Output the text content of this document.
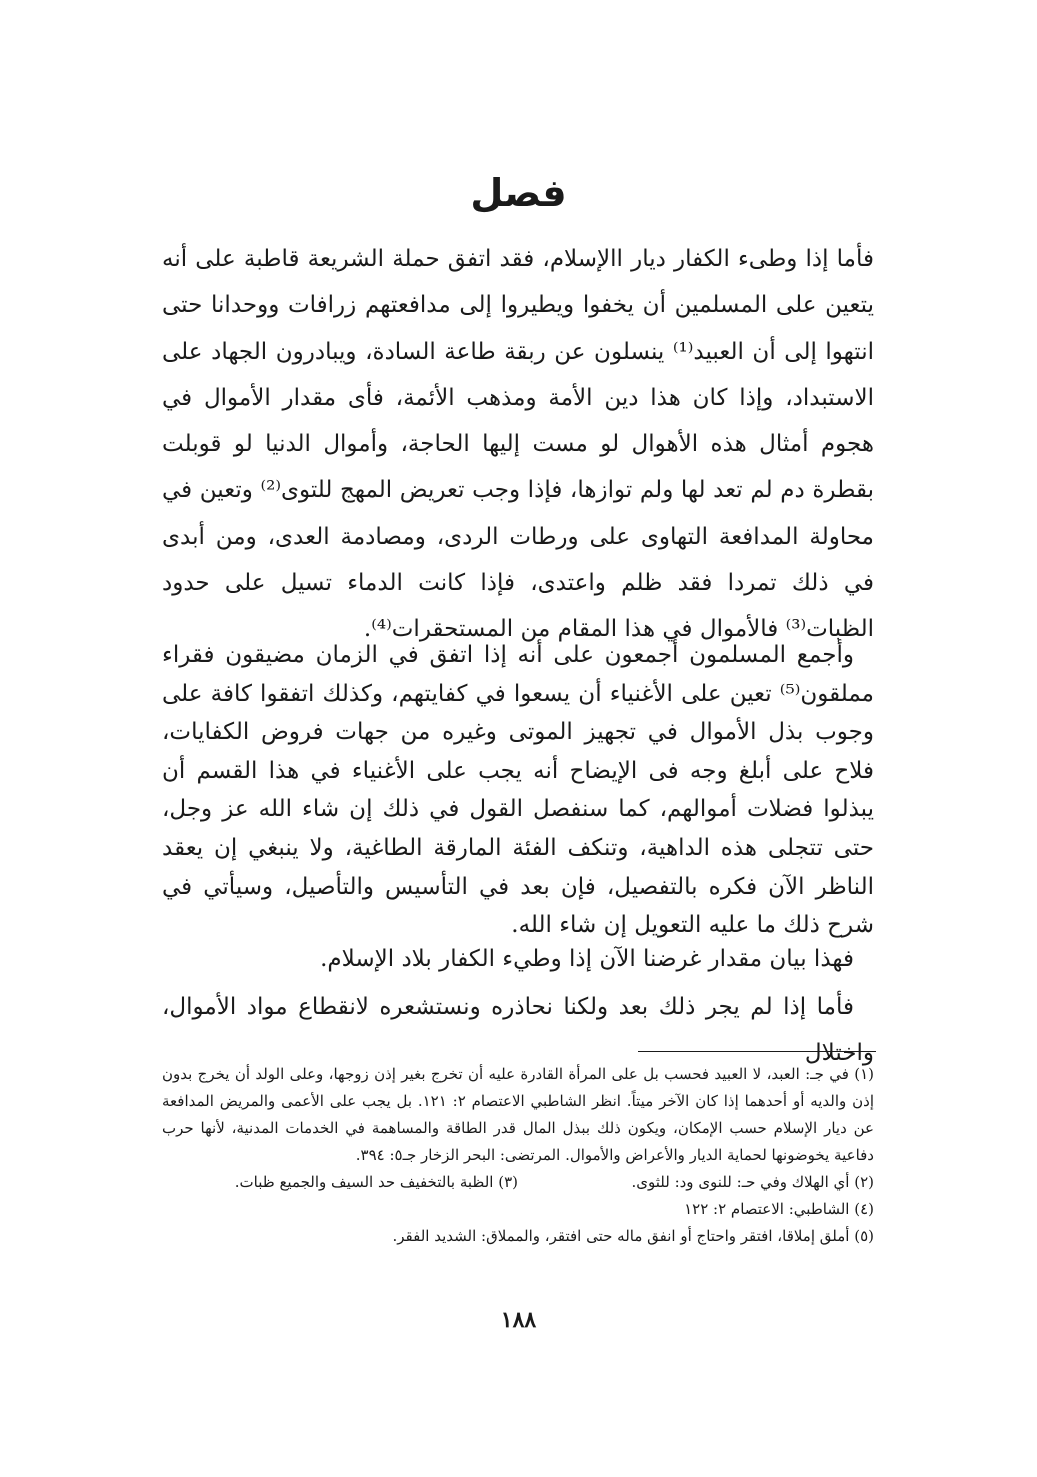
فصل

فأما إذا وطىء الكفار ديار االإسلام، فقد اتفق حملة الشريعة قاطبة على أنه يتعين على المسلمين أن يخفوا ويطيروا إلى مدافعتهم زرافات ووحدانا حتى انتهوا إلى أن العبيد⁽¹⁾ ينسلون عن ربقة طاعة السادة، ويبادرون الجهاد على الاستبداد، وإذا كان هذا دين الأمة ومذهب الأئمة، فأى مقدار الأموال في هجوم أمثال هذه الأهوال لو مست إليها الحاجة، وأموال الدنيا لو قوبلت بقطرة دم لم تعد لها ولم توازها، فإذا وجب تعريض المهج للتوى⁽²⁾ وتعين في محاولة المدافعة التهاوى على ورطات الردى، ومصادمة العدى، ومن أبدى في ذلك تمردا فقد ظلم واعتدى، فإذا كانت الدماء تسيل على حدود الظبات⁽³⁾ فالأموال في هذا المقام من المستحقرات⁽⁴⁾.

وأجمع المسلمون أجمعون على أنه إذا اتفق في الزمان مضيقون فقراء مملقون⁽⁵⁾ تعين على الأغنياء أن يسعوا في كفايتهم، وكذلك اتفقوا كافة على وجوب بذل الأموال في تجهيز الموتى وغيره من جهات فروض الكفايات، فلاح على أبلغ وجه فى الإيضاح أنه يجب على الأغنياء في هذا القسم أن يبذلوا فضلات أموالهم، كما سنفصل القول في ذلك إن شاء الله عز وجل، حتى تتجلى هذه الداهية، وتنكف الفئة المارقة الطاغية، ولا ينبغي إن يعقد الناظر الآن فكره بالتفصيل، فإن بعد في التأسيس والتأصيل، وسيأتي في شرح ذلك ما عليه التعويل إن شاء الله.

فهذا بيان مقدار غرضنا الآن إذا وطيء الكفار بلاد الإسلام.

فأما إذا لم يجر ذلك بعد ولكنا نحاذره ونستشعره لانقطاع مواد الأموال، واختلال

(١) في جـ: العبد، لا العبيد فحسب بل على المرأة القادرة عليه أن تخرج بغير إذن زوجها، وعلى الولد أن يخرج بدون إذن والديه أو أحدهما إذا كان الآخر ميتاً. انظر الشاطبي الاعتصام ٢: ١٢١. بل يجب على الأعمى والمريض المدافعة عن ديار الإسلام حسب الإمكان، ويكون ذلك ببذل المال قدر الطاقة والمساهمة في الخدمات المدنية، لأنها حرب دفاعية يخوضونها لحماية الديار والأعراض والأموال. المرتضى: البحر الزخار جـ٥: ٣٩٤.

(٢) أي الهلاك وفي حـ: للنوى ود: للثوى.

(٣) الظبة بالتخفيف حد السيف والجميع ظبات.

(٤) الشاطبي: الاعتصام ٢: ١٢٢

(٥) أملق إملاقا، افتقر واحتاج أو انفق ماله حتى افتقر، والمملاق: الشديد الفقر.

١٨٨
